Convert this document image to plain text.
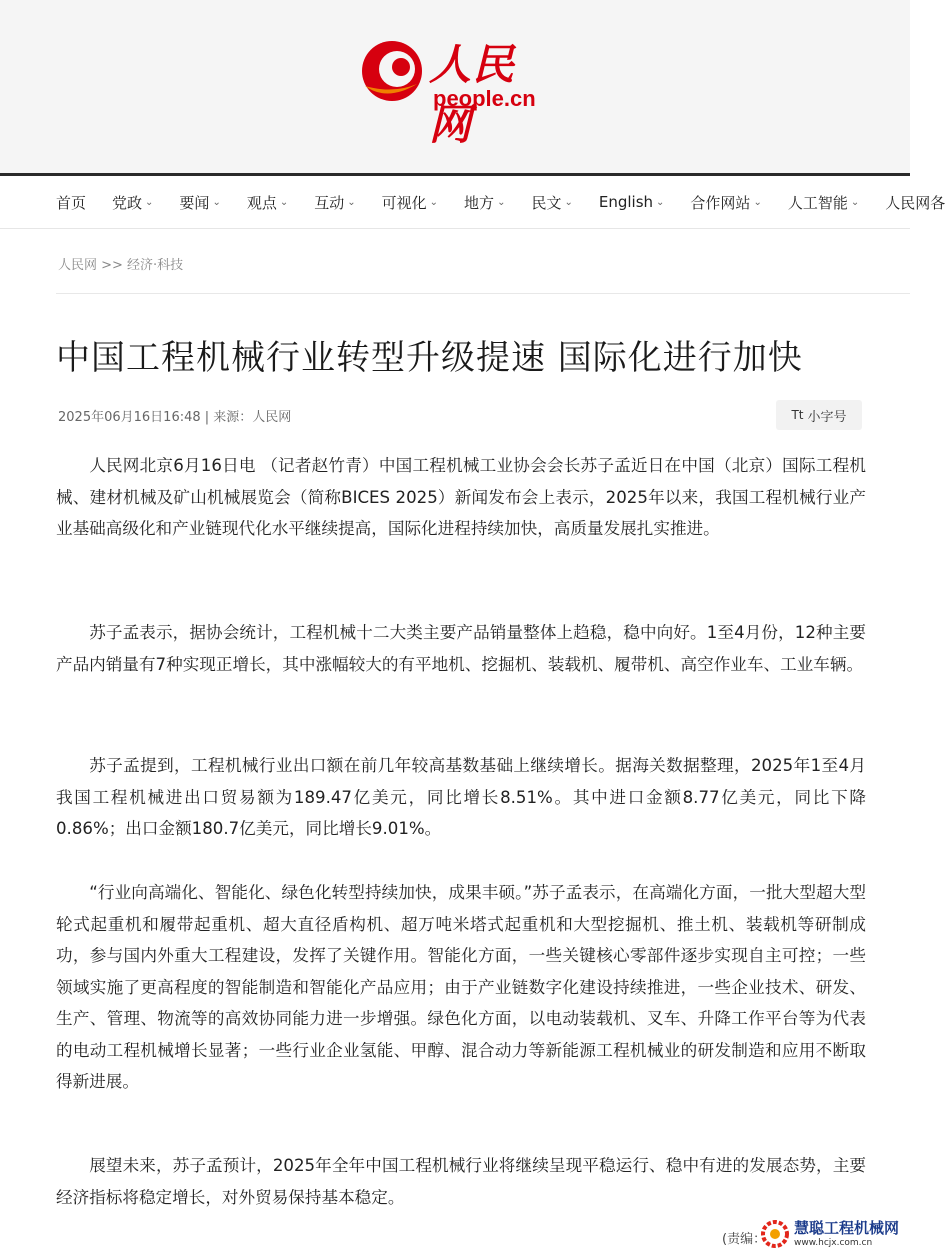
人民网
people.cn
首页 党政 ⌄ 要闻 ⌄ 观点 ⌄ 互动 ⌄ 可视化 ⌄ 地方 ⌄ 民文 ⌄ English ⌄ 合作网站 ⌄ 人工智能 ⌄ 人民网各
人民网 >> 经济·科技
中国工程机械行业转型升级提速 国际化进行加快
2025年06月16日16:48 | 来源：人民网	Tt 小字号

人民网北京6月16日电 （记者赵竹青）中国工程机械工业协会会长苏子孟近日在中国（北京）国际工程机械、建材机械及矿山机械展览会（简称BICES 2025）新闻发布会上表示，2025年以来，我国工程机械行业产业基础高级化和产业链现代化水平继续提高，国际化进程持续加快，高质量发展扎实推进。

苏子孟表示，据协会统计，工程机械十二大类主要产品销量整体上趋稳，稳中向好。1至4月份，12种主要产品内销量有7种实现正增长，其中涨幅较大的有平地机、挖掘机、装载机、履带机、高空作业车、工业车辆。

苏子孟提到，工程机械行业出口额在前几年较高基数基础上继续增长。据海关数据整理，2025年1至4月我国工程机械进出口贸易额为189.47亿美元，同比增长8.51%。其中进口金额8.77亿美元，同比下降0.86%；出口金额180.7亿美元，同比增长9.01%。

“行业向高端化、智能化、绿色化转型持续加快，成果丰硕。”苏子孟表示，在高端化方面，一批大型超大型轮式起重机和履带起重机、超大直径盾构机、超万吨米塔式起重机和大型挖掘机、推土机、装载机等研制成功，参与国内外重大工程建设，发挥了关键作用。智能化方面，一些关键核心零部件逐步实现自主可控；一些领域实施了更高程度的智能制造和智能化产品应用；由于产业链数字化建设持续推进，一些企业技术、研发、生产、管理、物流等的高效协同能力进一步增强。绿色化方面，以电动装载机、叉车、升降工作平台等为代表的电动工程机械增长显著；一些行业企业氢能、甲醇、混合动力等新能源工程机械业的研发制造和应用不断取得新进展。

展望未来，苏子孟预计，2025年全年中国工程机械行业将继续呈现平稳运行、稳中有进的发展态势，主要经济指标将稳定增长，对外贸易保持基本稳定。

(责编：
慧聪工程机械网
www.hcjx.com.cn
